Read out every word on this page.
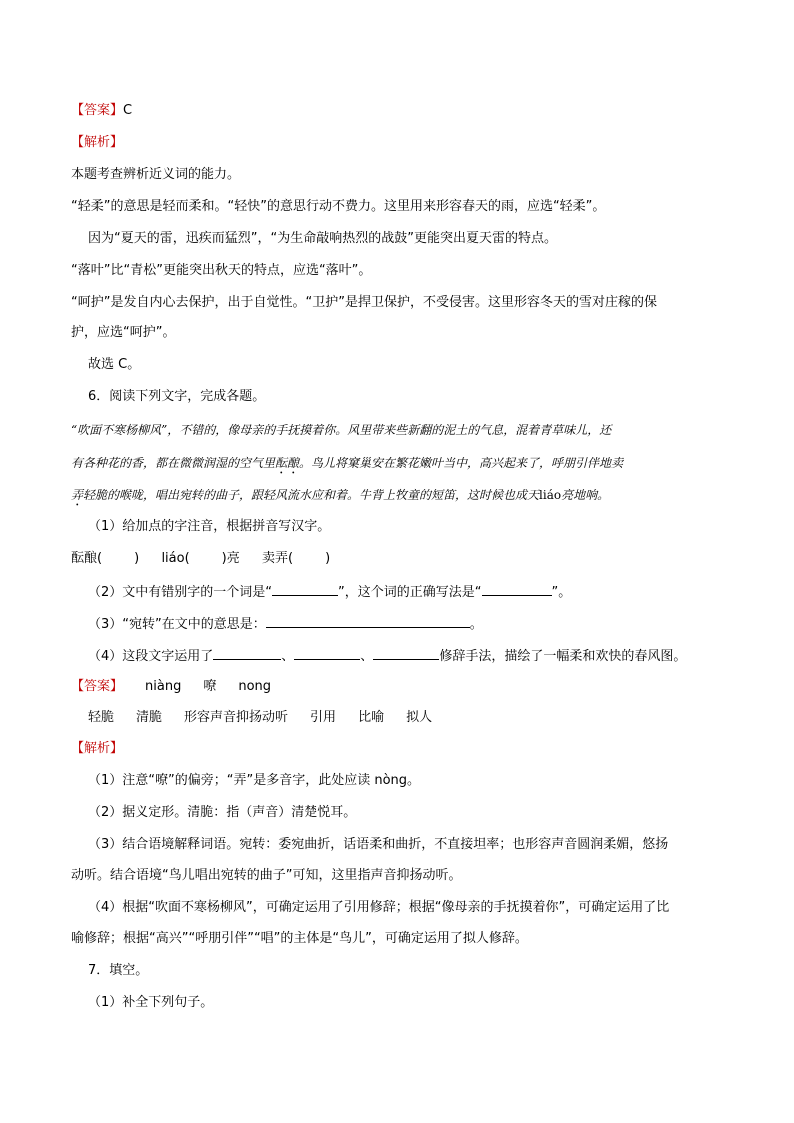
【答案】C
【解析】
本题考查辨析近义词的能力。
“轻柔”的意思是轻而柔和。“轻快”的意思行动不费力。这里用来形容春天的雨，应选“轻柔”。
因为“夏天的雷，迅疾而猛烈”，“为生命敲响热烈的战鼓”更能突出夏天雷的特点。
“落叶”比“青松”更能突出秋天的特点，应选“落叶”。
“呵护”是发自内心去保护，出于自觉性。“卫护”是捍卫保护，不受侵害。这里形容冬天的雪对庄稼的保
护，应选“呵护”。
故选 C。
6．阅读下列文字，完成各题。
“吹面不寒杨柳风”，不错的，像母亲的手抚摸着你。风里带来些新翻的泥土的气息，混着青草味儿，还
有各种花的香，都在微微润湿的空气里酝酿。鸟儿将窠巢安在繁花嫩叶当中，高兴起来了，呼朋引伴地卖
弄轻脆的喉咙，唱出宛转的曲子，跟轻风流水应和着。牛背上牧童的短笛，这时候也成天liáo亮地响。
（1）给加点的字注音，根据拼音写汉字。
酝酿( ) liáo( )亮 卖弄( )
（2）文中有错别字的一个词是“	”，这个词的正确写法是“	”。
（3）“宛转”在文中的意思是：	。
（4）这段文字运用了	、	、	修辞手法，描绘了一幅柔和欢快的春风图。
【答案】 niàng 嘹 nong
轻脆 清脆 形容声音抑扬动听 引用 比喻 拟人
【解析】
（1）注意“嘹”的偏旁；“弄”是多音字，此处应读 nòng。
（2）据义定形。清脆：指（声音）清楚悦耳。
（3）结合语境解释词语。宛转：委宛曲折，话语柔和曲折，不直接坦率；也形容声音圆润柔媚，悠扬
动听。结合语境“鸟儿唱出宛转的曲子”可知，这里指声音抑扬动听。
（4）根据“吹面不寒杨柳风”，可确定运用了引用修辞；根据“像母亲的手抚摸着你”，可确定运用了比
喻修辞；根据“高兴”“呼朋引伴”“唱”的主体是“鸟儿”，可确定运用了拟人修辞。
7．填空。
（1）补全下列句子。
